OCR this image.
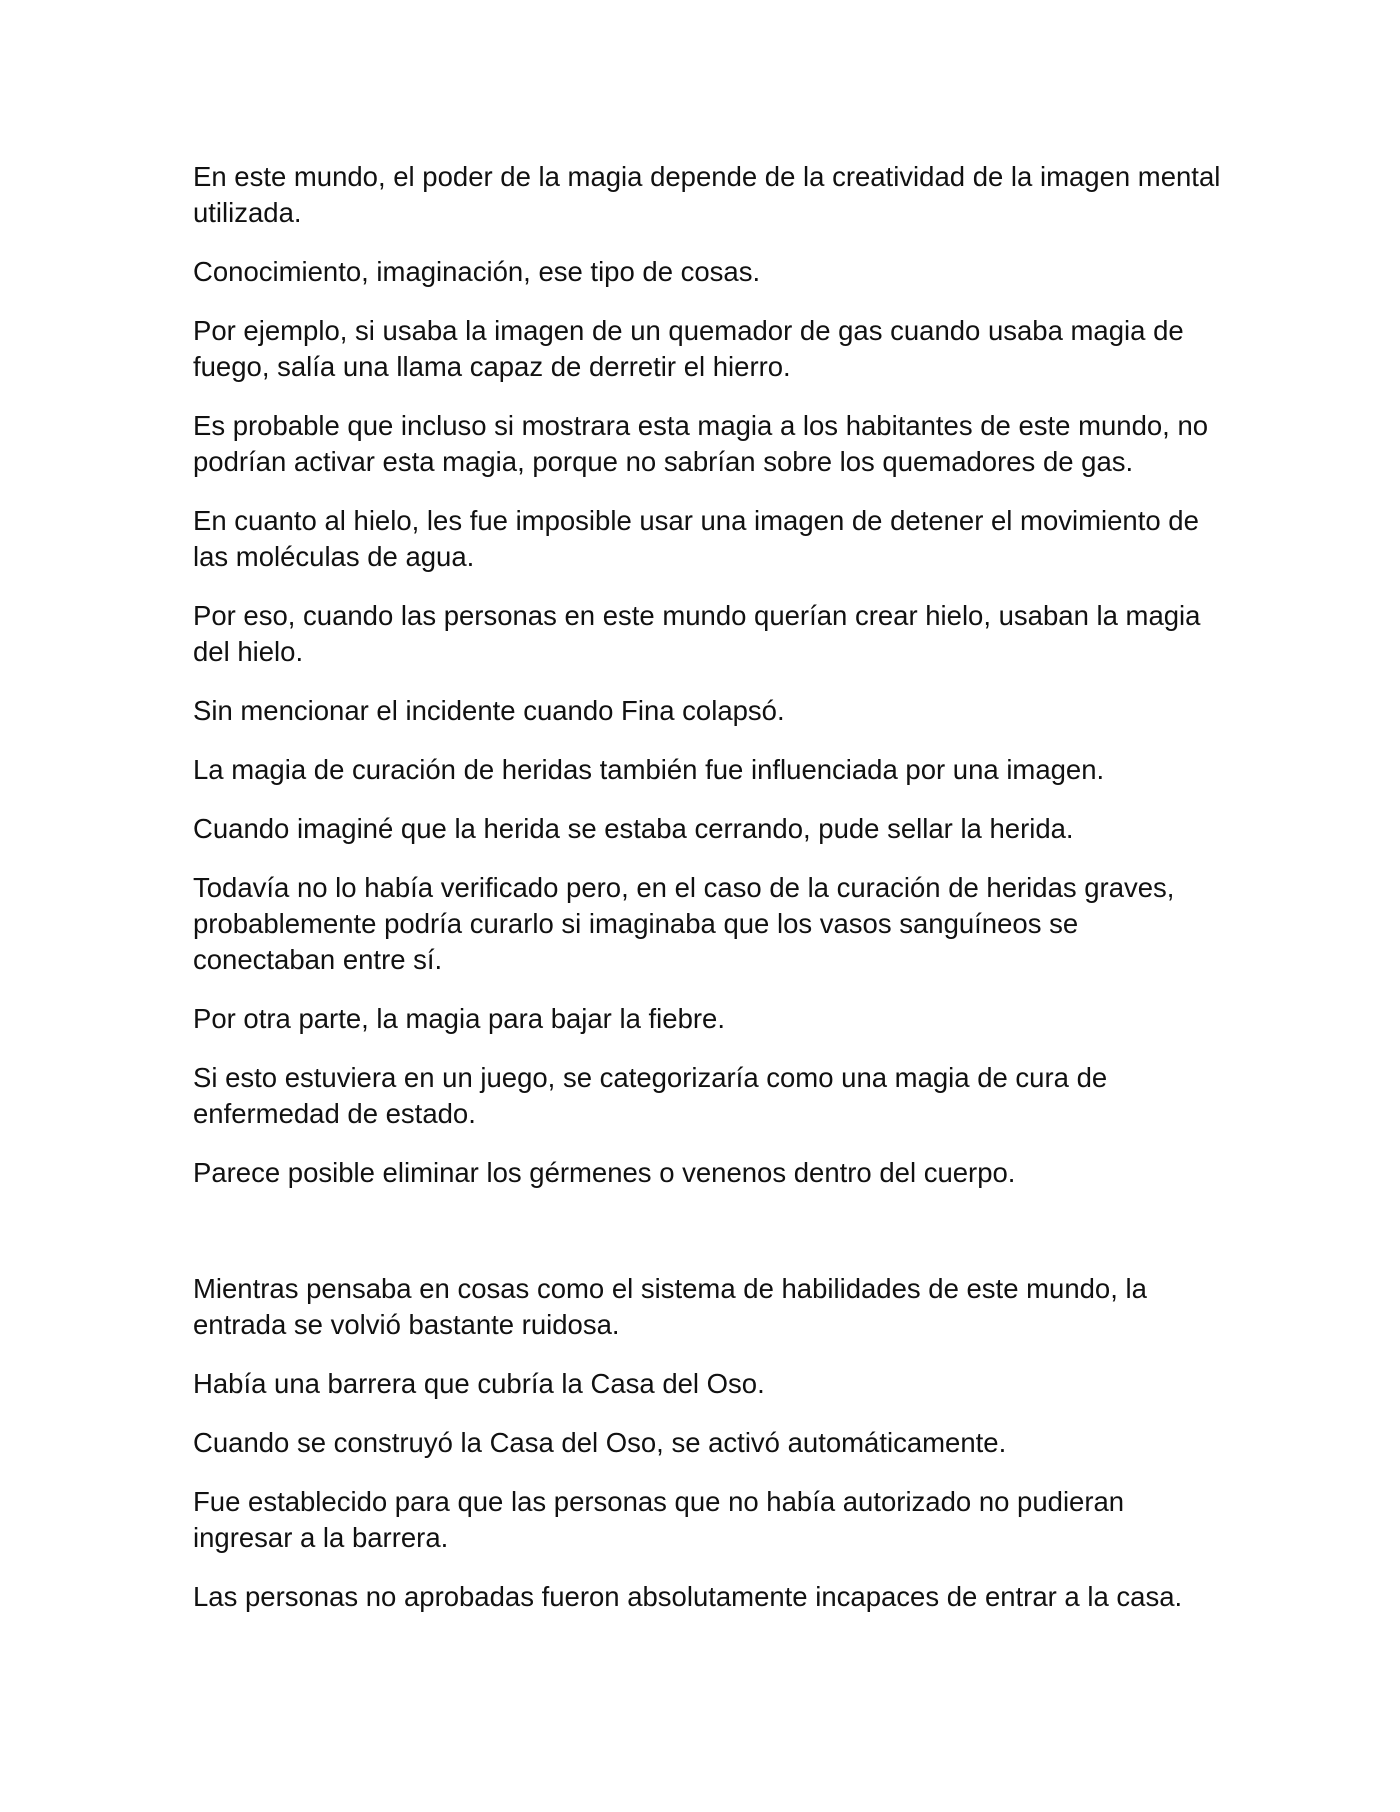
En este mundo, el poder de la magia depende de la creatividad de la imagen mental utilizada.

Conocimiento, imaginación, ese tipo de cosas.

Por ejemplo, si usaba la imagen de un quemador de gas cuando usaba magia de fuego, salía una llama capaz de derretir el hierro.

Es probable que incluso si mostrara esta magia a los habitantes de este mundo, no podrían activar esta magia, porque no sabrían sobre los quemadores de gas.

En cuanto al hielo, les fue imposible usar una imagen de detener el movimiento de las moléculas de agua.

Por eso, cuando las personas en este mundo querían crear hielo, usaban la magia del hielo.

Sin mencionar el incidente cuando Fina colapsó.

La magia de curación de heridas también fue influenciada por una imagen.

Cuando imaginé que la herida se estaba cerrando, pude sellar la herida.

Todavía no lo había verificado pero, en el caso de la curación de heridas graves, probablemente podría curarlo si imaginaba que los vasos sanguíneos se conectaban entre sí.

Por otra parte, la magia para bajar la fiebre.

Si esto estuviera en un juego, se categorizaría como una magia de cura de enfermedad de estado.

Parece posible eliminar los gérmenes o venenos dentro del cuerpo.

Mientras pensaba en cosas como el sistema de habilidades de este mundo, la entrada se volvió bastante ruidosa.

Había una barrera que cubría la Casa del Oso.

Cuando se construyó la Casa del Oso, se activó automáticamente.

Fue establecido para que las personas que no había autorizado no pudieran ingresar a la barrera.

Las personas no aprobadas fueron absolutamente incapaces de entrar a la casa.
